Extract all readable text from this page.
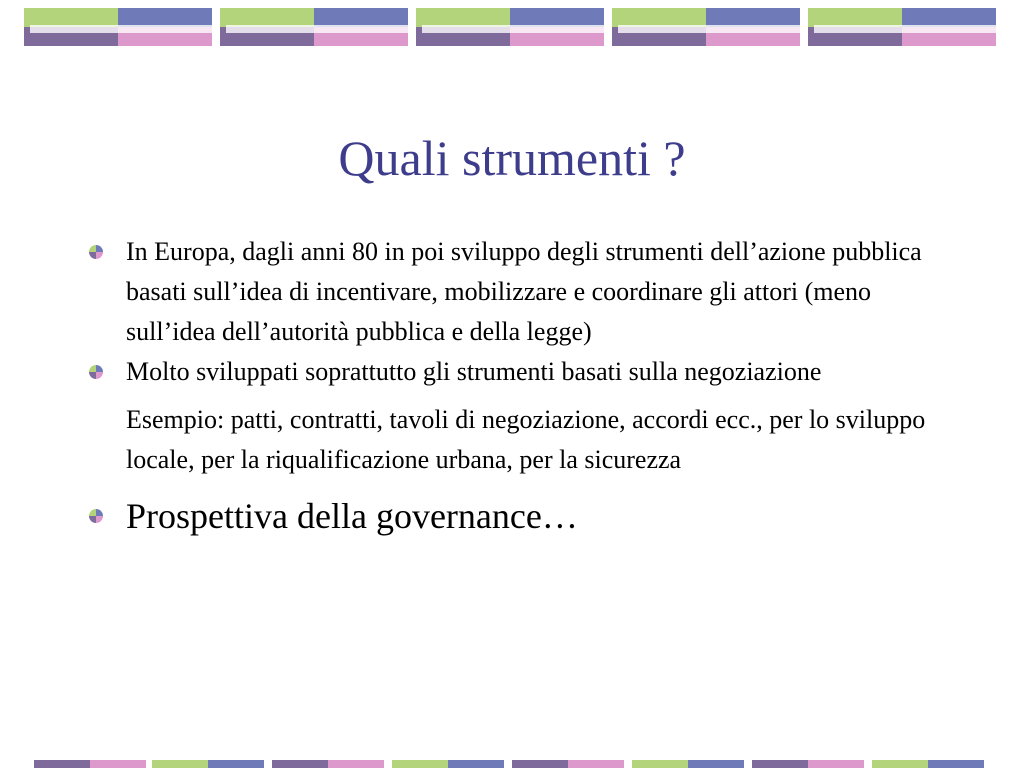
Quali strumenti ?
In Europa, dagli anni 80 in poi sviluppo degli strumenti dell’azione pubblica basati sull’idea di incentivare, mobilizzare e coordinare gli attori (meno sull’idea dell’autorità pubblica e della legge)
Molto sviluppati soprattutto gli strumenti basati sulla negoziazione
Esempio: patti, contratti, tavoli di negoziazione, accordi ecc., per lo sviluppo locale, per la riqualificazione urbana, per la sicurezza
Prospettiva della governance…
